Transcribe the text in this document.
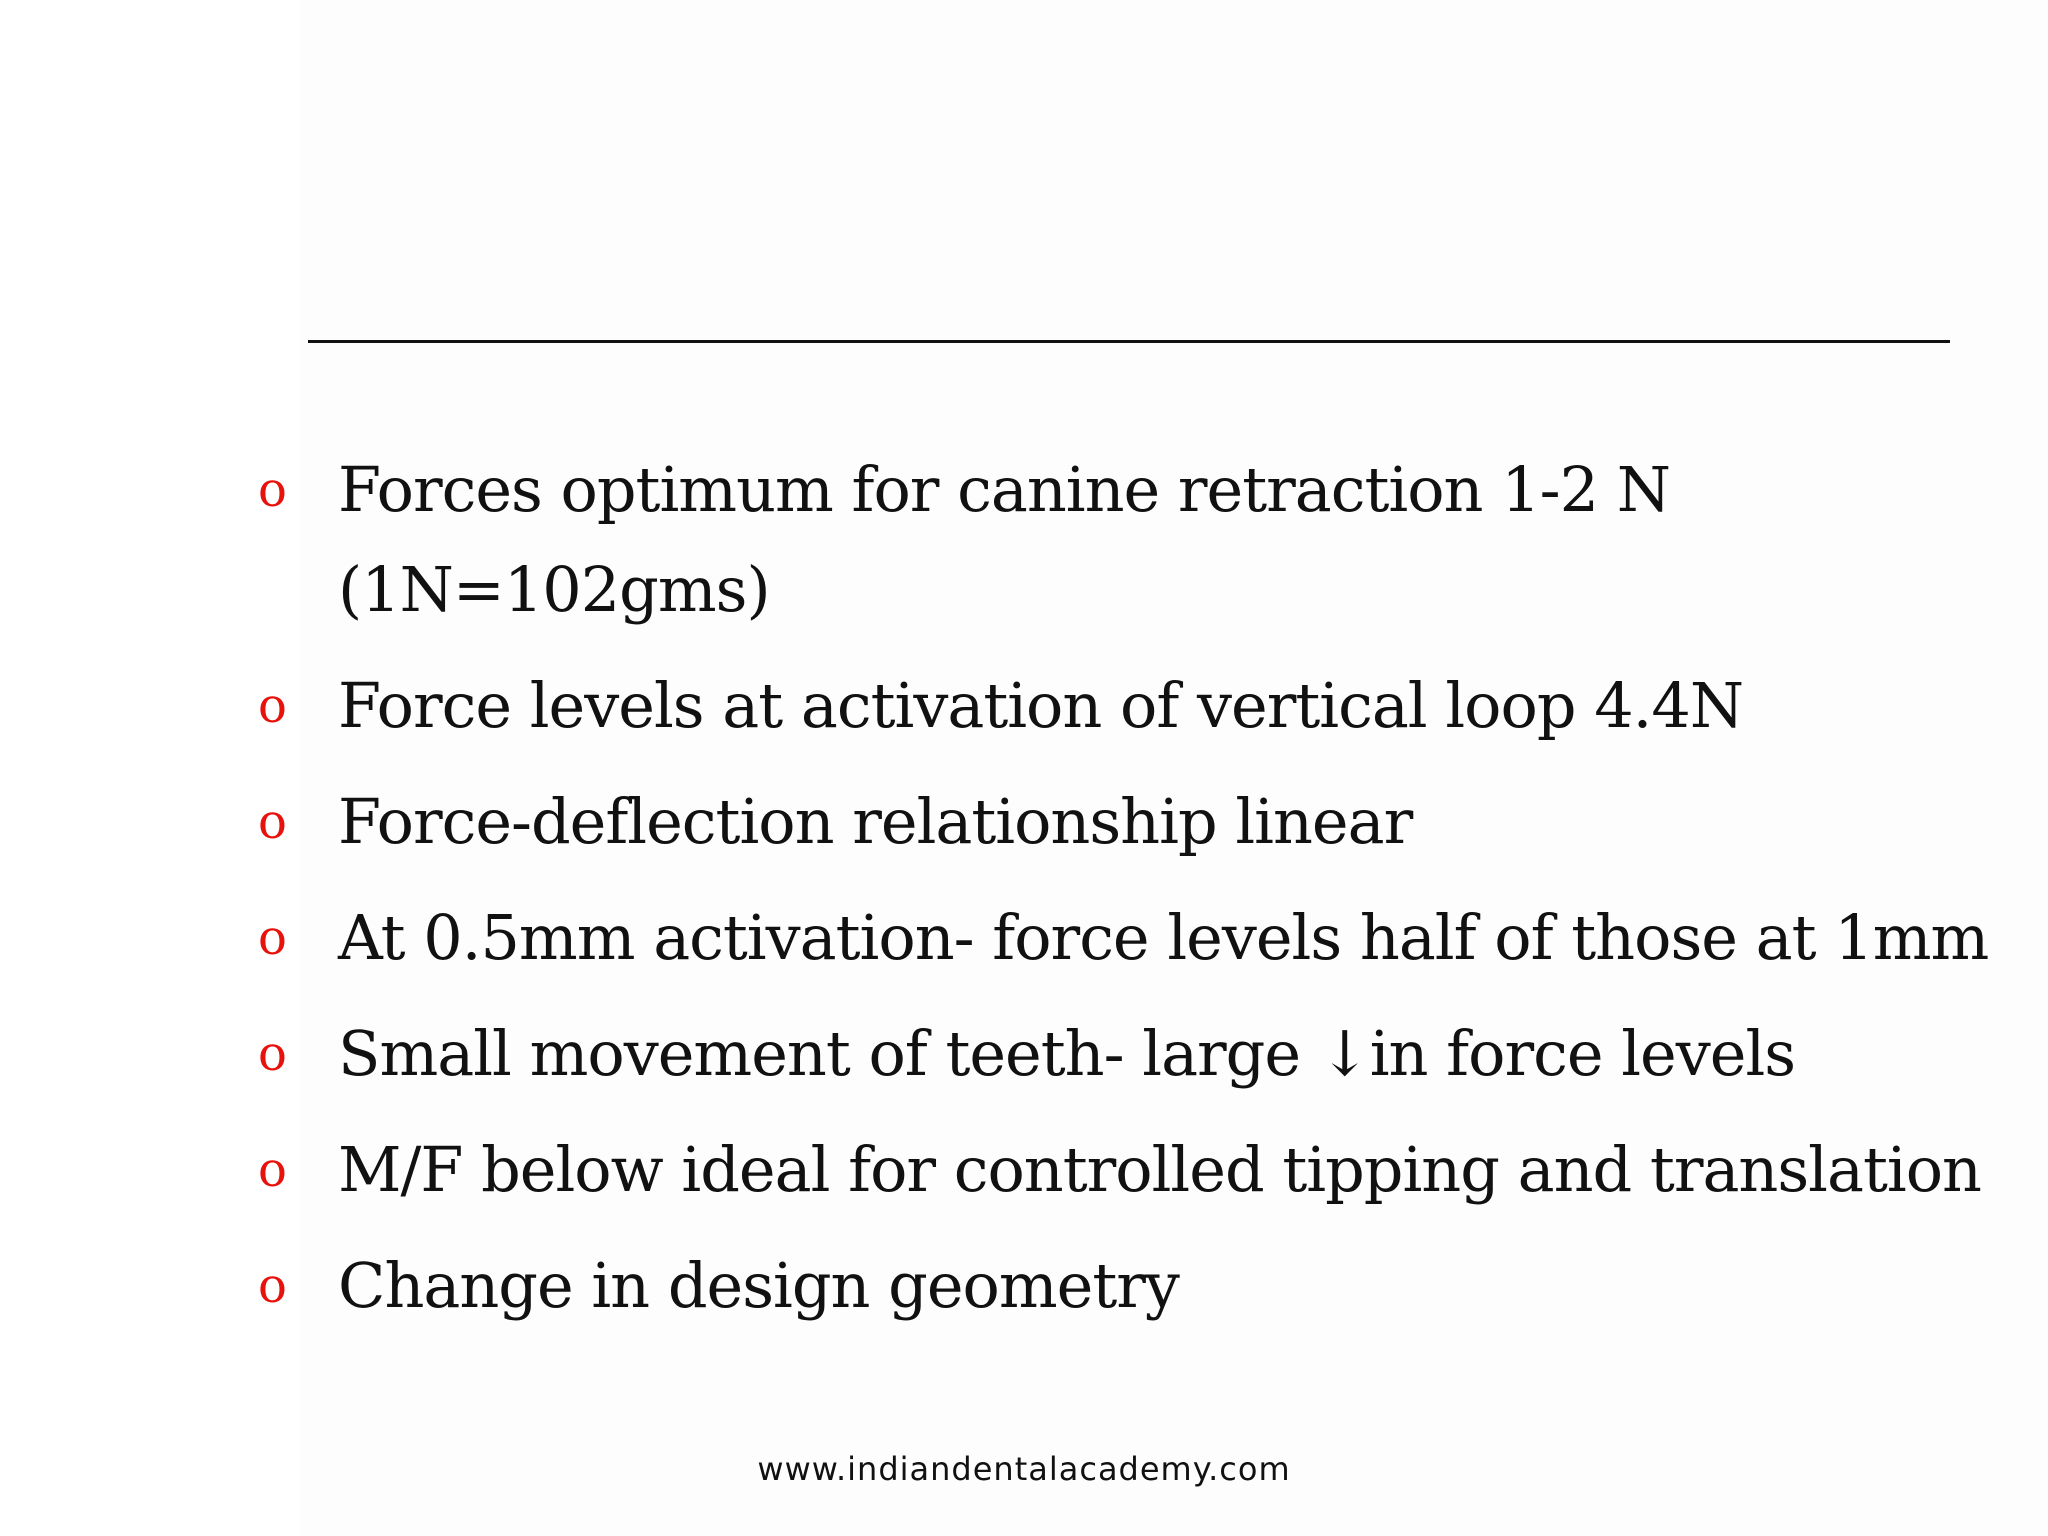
o Forces optimum for canine retraction 1-2 N
(1N=102gms)
o Force levels at activation of vertical loop 4.4N
o Force-deflection relationship linear
o At 0.5mm activation- force levels half of those at 1mm
o Small movement of teeth- large ↓in force levels
o M/F below ideal for controlled tipping and translation
o Change in design geometry
www.indiandentalacademy.com
